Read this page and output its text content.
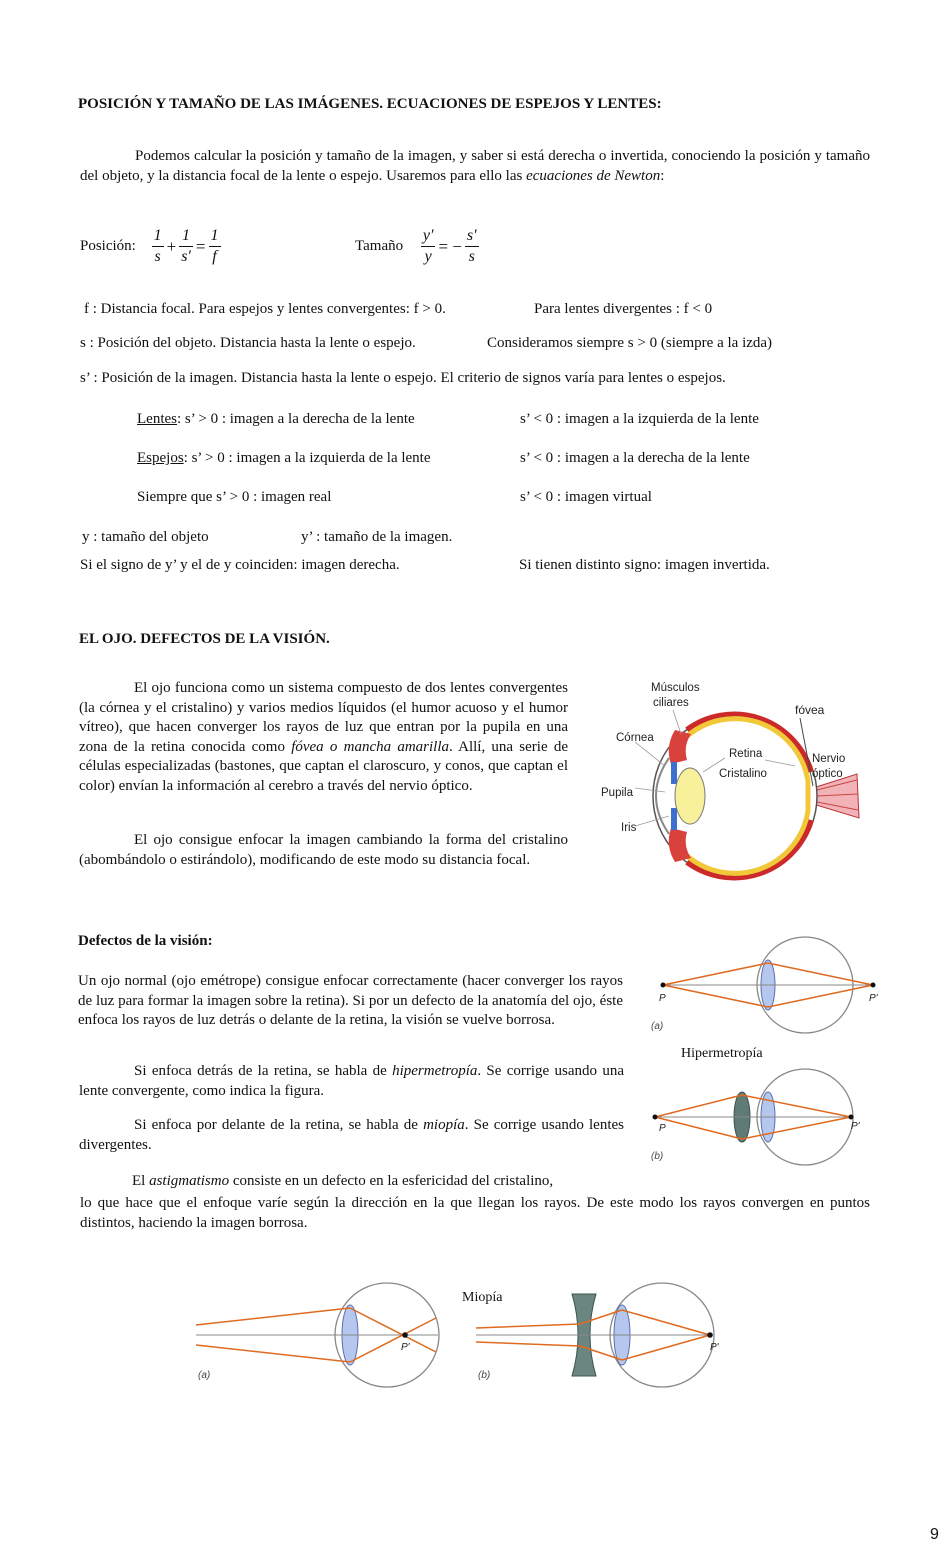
POSICIÓN Y TAMAÑO DE LAS IMÁGENES. ECUACIONES DE ESPEJOS Y LENTES:
Podemos calcular la posición y tamaño de la imagen, y saber si está derecha o invertida, conociendo la posición y tamaño del objeto, y la distancia focal de la lente o espejo. Usaremos para ello las ecuaciones de Newton:
Posición: $\frac{1}{s} + \frac{1}{s'} = \frac{1}{f}$	Tamaño $\frac{y'}{y}$ = − $\frac{s'}{s}$
f : Distancia focal. Para espejos y lentes convergentes: f > 0.	Para lentes divergentes : f < 0
s : Posición del objeto. Distancia hasta la lente o espejo.	Consideramos siempre s > 0 (siempre a la izda)
s’ : Posición de la imagen. Distancia hasta la lente o espejo. El criterio de signos varía para lentes o espejos.
Lentes: s’ > 0 : imagen a la derecha de la lente	s’ < 0 : imagen a la izquierda de la lente
Espejos: s’ > 0 : imagen a la izquierda de la lente	s’ < 0 : imagen a la derecha de la lente
Siempre que s’ > 0 : imagen real	s’ < 0 : imagen virtual
y : tamaño del objeto	y’ : tamaño de la imagen.
Si el signo de y’ y el de y coinciden: imagen derecha.	Si tienen distinto signo: imagen invertida.
EL OJO. DEFECTOS DE LA VISIÓN.
El ojo funciona como un sistema compuesto de dos lentes convergentes (la córnea y el cristalino) y varios medios líquidos (el humor acuoso y el humor vítreo), que hacen converger los rayos de luz que entran por la pupila en una zona de la retina conocida como fóvea o mancha amarilla. Allí, una serie de células especializadas (bastones, que captan el claroscuro, y conos, que captan el color) envían la información al cerebro a través del nervio óptico.
El ojo consigue enfocar la imagen cambiando la forma del cristalino (abombándolo o estirándolo), modificando de este modo su distancia focal.
Músculos
ciliares	fóvea
Córnea
Retina	Nervio
óptico
Cristalino
Pupila
Iris
Defectos de la visión:
Un ojo normal (ojo emétrope) consigue enfocar correctamente (hacer converger los rayos de luz para formar la imagen sobre la retina). Si por un defecto de la anatomía del ojo, éste enfoca los rayos de luz detrás o delante de la retina, la visión se vuelve borrosa.
Si enfoca detrás de la retina, se habla de hipermetropía. Se corrige usando una lente convergente, como indica la figura.
Si enfoca por delante de la retina, se habla de miopía. Se corrige usando lentes divergentes.
El astigmatismo consiste en un defecto en la esfericidad del cristalino,
lo que hace que el enfoque varíe según la dirección en la que llegan los rayos. De este modo los rayos convergen en puntos distintos, haciendo la imagen borrosa.
P	P'
(a)
Hipermetropía
P	P'
(b)
Miopía
P'
(a)
P'
(b)
9
